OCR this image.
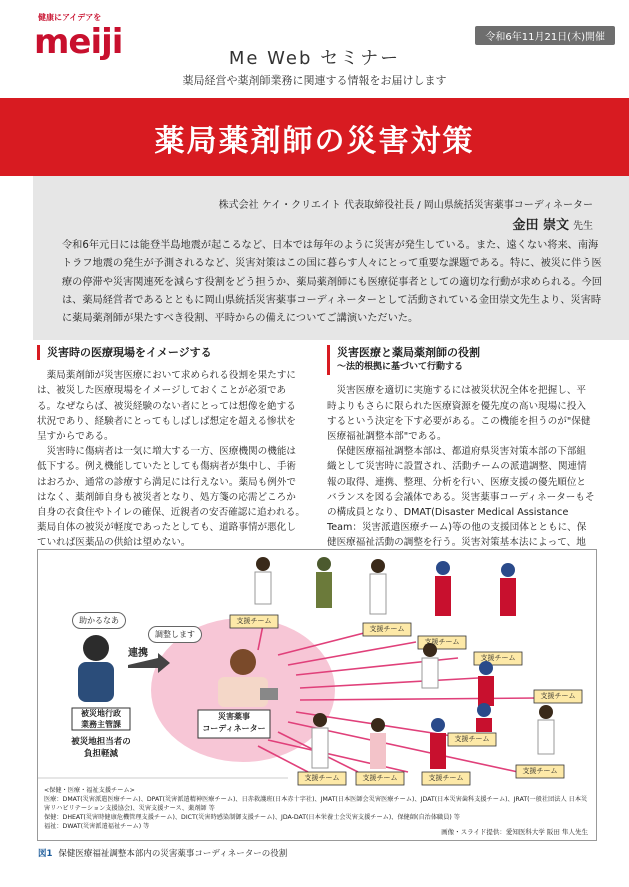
健康にアイデアを
meiji	令和6年11月21日(木)開催
Me Web セミナー
薬局経営や薬剤師業務に関連する情報をお届けします
薬局薬剤師の災害対策
株式会社 ケイ・クリエイト 代表取締役社長 / 岡山県統括災害薬事コーディネーター
金田 崇文 先生
令和6年元日には能登半島地震が起こるなど、日本では毎年のように災害が発生している。また、遠くない将来、南海トラフ地震の発生が予測されるなど、災害対策はこの国に暮らす人々にとって重要な課題である。特に、被災に伴う医療の停滞や災害関連死を減らす役割をどう担うか、薬局薬剤師にも医療従事者としての適切な行動が求められる。今回は、薬局経営者であるとともに岡山県統括災害薬事コーディネーターとして活動されている金田崇文先生より、災害時に薬局薬剤師が果たすべき役割、平時からの備えについてご講演いただいた。
災害時の医療現場をイメージする
薬局薬剤師が災害医療において求められる役割を果たすには、被災した医療現場をイメージしておくことが必須である。なぜならば、被災経験のない者にとっては想像を絶する状況であり、経験者にとってもしばしば想定を超える惨状を呈すからである。
災害時に傷病者は一気に増大する一方、医療機関の機能は低下する。例え機能していたとしても傷病者が集中し、手術はおろか、通常の診療すら満足には行えない。薬局も例外ではなく、薬剤師自身も被災者となり、処方箋の応需どころか自身の衣食住やトイレの確保、近親者の安否確認に追われる。薬局自体の被災が軽度であったとしても、道路事情が悪化していれば医薬品の供給は望めない。
災害医療と薬局薬剤師の役割
〜法的根拠に基づいて行動する
災害医療を適切に実施するには被災状況全体を把握し、平時よりもさらに限られた医療資源を優先度の高い現場に投入するという決定を下す必要がある。この機能を担うのが"保健医療福祉調整本部"である。
保健医療福祉調整本部は、都道府県災害対策本部の下部組織として災害時に設置され、活動チームの派遣調整、関連情報の取得、連携、整理、分析を行い、医療支援の優先順位とバランスを図る会議体である。災害薬事コーディネーターもその構成員となり、DMAT(Disaster Medical Assistance Team：災害派遣医療チーム)等の他の支援団体とともに、保健医療福祉活動の調整を行う。災害対策基本法によって、地
助かるなあ
調整します
連携
被災地行政
業務主管課
被災地担当者の
負担軽減
災害薬事
コーディネーター
支援チーム
支援チーム
支援チーム
支援チーム
支援チーム
支援チーム
支援チーム
支援チーム	支援チーム	支援チーム
<保健・医療・福祉支援チーム>
医療：DMAT(災害派遣医療チーム)、DPAT(災害派遣精神医療チーム)、日赤救護班(日本赤十字社)、JMAT(日本医師会災害医療チーム)、JDAT(日本災害歯科支援チーム)、JRAT(一般社団法人 日本災害リハビリテーション支援協会)、災害支援ナース、薬剤師 等
保健：DHEAT(災害時健康危機管理支援チーム)、DICT(災害時感染制御支援チーム)、JDA-DAT(日本栄養士会災害支援チーム)、保健師(自治体職員) 等
福祉：DWAT(災害派遣福祉チーム) 等
画像・スライド提供：愛知医科大学 阪田 隼人先生
図1 保健医療福祉調整本部内の災害薬事コーディネーターの役割
